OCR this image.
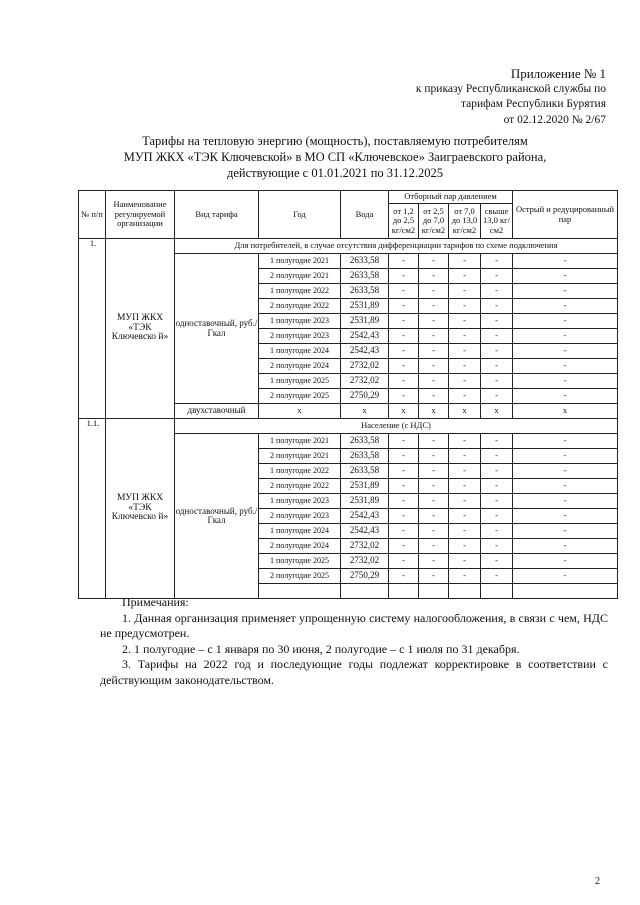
Приложение № 1
к приказу Республиканской службы по
тарифам Республики Бурятия
от 02.12.2020 № 2/67
Тарифы на тепловую энергию (мощность), поставляемую потребителям
МУП ЖКХ «ТЭК Ключевской» в МО СП «Ключевское» Заиграевского района,
действующие с 01.01.2021 по 31.12.2025
№ п/п	Наименование регулируемой организации	Вид тарифа	Год	Вода	Отборный пар давлением				Острый и редуцированный пар	
					от 1,2 до 2,5 кг/см2	от 2,5 до 7,0 кг/см2	от 7,0 до 13,0 кг/см2	свыше 13,0 кг/см2		
1.	МУП ЖКХ «ТЭК Ключевско й»	Для потребителей, в случае отсутствия дифференциации тарифов по схеме подключения								
		одноставочный, руб./Гкал	1 полугодие 2021	2633,58	-	-	-	-	-	
			2 полугодие 2021	2633,58	-	-	-	-	-	
			1 полугодие 2022	2633,58	-	-	-	-	-	
			2 полугодие 2022	2531,89	-	-	-	-	-	
			1 полугодие 2023	2531,89	-	-	-	-	-	
			2 полугодие 2023	2542,43	-	-	-	-	-	
			1 полугодие 2024	2542,43	-	-	-	-	-	
			2 полугодие 2024	2732,02	-	-	-	-	-	
			1 полугодие 2025	2732,02	-	-	-	-	-	
			2 полугодие 2025	2750,29	-	-	-	-	-	
		двухставочный	x	x	x	x	x	x	x	
1.1.	МУП ЖКХ «ТЭК Ключевско й»	Население (с НДС)								
		одноставочный, руб./Гкал	1 полугодие 2021	2633,58	-	-	-	-	-	
			2 полугодие 2021	2633,58	-	-	-	-	-	
			1 полугодие 2022	2633,58	-	-	-	-	-	
			2 полугодие 2022	2531,89	-	-	-	-	-	
			1 полугодие 2023	2531,89	-	-	-	-	-	
			2 полугодие 2023	2542,43	-	-	-	-	-	
			1 полугодие 2024	2542,43	-	-	-	-	-	
			2 полугодие 2024	2732,02	-	-	-	-	-	
			1 полугодие 2025	2732,02	-	-	-	-	-	
			2 полугодие 2025	2750,29	-	-	-	-	-	

Примечания:

1. Данная организация применяет упрощенную систему налогообложения, в связи с чем, НДС не предусмотрен.

2. 1 полугодие – с 1 января по 30 июня, 2 полугодие – с 1 июля по 31 декабря.

3. Тарифы на 2022 год и последующие годы подлежат корректировке в соответствии с действующим законодательством.

2
